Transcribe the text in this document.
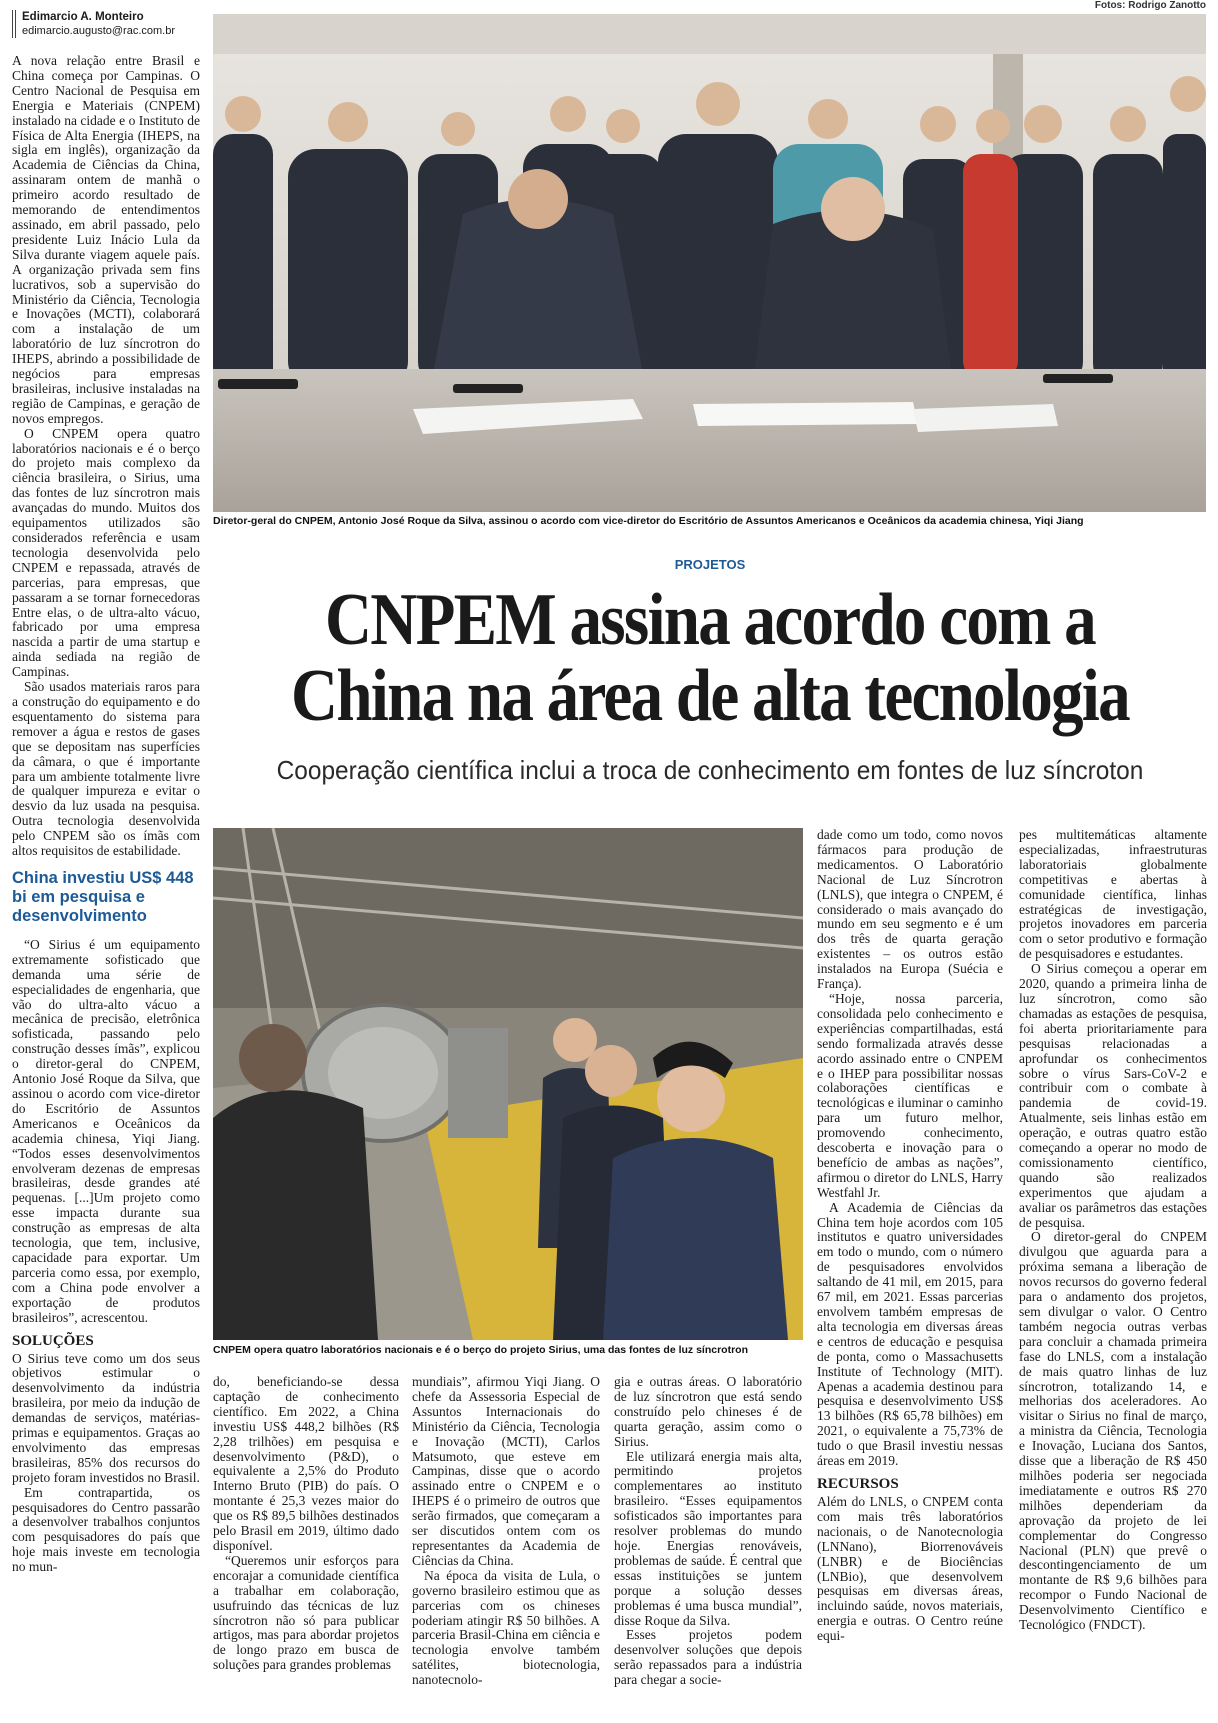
Edimarcio A. Monteiro
edimarcio.augusto@rac.com.br
Fotos: Rodrigo Zanotto

A nova relação entre Brasil e China começa por Campinas. O Centro Nacional de Pesquisa em Energia e Materiais (CNPEM) instalado na cidade e o Instituto de Física de Alta Energia (IHEPS, na sigla em inglês), organização da Academia de Ciências da China, assinaram ontem de manhã o primeiro acordo resultado de memorando de entendimentos assinado, em abril passado, pelo presidente Luiz Inácio Lula da Silva durante viagem aquele país. A organização privada sem fins lucrativos, sob a supervisão do Ministério da Ciência, Tecnologia e Inovações (MCTI), colaborará com a instalação de um laboratório de luz síncrotron do IHEPS, abrindo a possibilidade de negócios para empresas brasileiras, inclusive instaladas na região de Campinas, e geração de novos empregos.

O CNPEM opera quatro laboratórios nacionais e é o berço do projeto mais complexo da ciência brasileira, o Sirius, uma das fontes de luz síncrotron mais avançadas do mundo. Muitos dos equipamentos utilizados são considerados referência e usam tecnologia desenvolvida pelo CNPEM e repassada, através de parcerias, para empresas, que passaram a se tornar fornecedoras Entre elas, o de ultra-alto vácuo, fabricado por uma empresa nascida a partir de uma startup e ainda sediada na região de Campinas.

São usados materiais raros para a construção do equipamento e do esquentamento do sistema para remover a água e restos de gases que se depositam nas superfícies da câmara, o que é importante para um ambiente totalmente livre de qualquer impureza e evitar o desvio da luz usada na pesquisa. Outra tecnologia desenvolvida pelo CNPEM são os ímãs com altos requisitos de estabilidade.

China investiu US$ 448 bi em pesquisa e desenvolvimento

“O Sirius é um equipamento extremamente sofisticado que demanda uma série de especialidades de engenharia, que vão do ultra-alto vácuo a mecânica de precisão, eletrônica sofisticada, passando pelo construção desses ímãs”, explicou o diretor-geral do CNPEM, Antonio José Roque da Silva, que assinou o acordo com vice-diretor do Escritório de Assuntos Americanos e Oceânicos da academia chinesa, Yiqi Jiang. “Todos esses desenvolvimentos envolveram dezenas de empresas brasileiras, desde grandes até pequenas. [...]Um projeto como esse impacta durante sua construção as empresas de alta tecnologia, que tem, inclusive, capacidade para exportar. Um parceria como essa, por exemplo, com a China pode envolver a exportação de produtos brasileiros”, acrescentou.

SOLUÇÕES

O Sirius teve como um dos seus objetivos estimular o desenvolvimento da indústria brasileira, por meio da indução de demandas de serviços, matérias-primas e equipamentos. Graças ao envolvimento das empresas brasileiras, 85% dos recursos do projeto foram investidos no Brasil.

Em contrapartida, os pesquisadores do Centro passarão a desenvolver trabalhos conjuntos com pesquisadores do país que hoje mais investe em tecnologia no mun-

Diretor-geral do CNPEM, Antonio José Roque da Silva, assinou o acordo com vice-diretor do Escritório de Assuntos Americanos e Oceânicos da academia chinesa, Yiqi Jiang
PROJETOS
CNPEM assina acordo com a
China na área de alta tecnologia
Cooperação científica inclui a troca de conhecimento em fontes de luz síncroton
CNPEM opera quatro laboratórios nacionais e é o berço do projeto Sirius, uma das fontes de luz síncrotron

do, beneficiando-se dessa captação de conhecimento científico. Em 2022, a China investiu US$ 448,2 bilhões (R$ 2,28 trilhões) em pesquisa e desenvolvimento (P&D), o equivalente a 2,5% do Produto Interno Bruto (PIB) do país. O montante é 25,3 vezes maior do que os R$ 89,5 bilhões destinados pelo Brasil em 2019, último dado disponível.

“Queremos unir esforços para encorajar a comunidade científica a trabalhar em colaboração, usufruindo das técnicas de luz síncrotron não só para publicar artigos, mas para abordar projetos de longo prazo em busca de soluções para grandes problemas

mundiais”, afirmou Yiqi Jiang. O chefe da Assessoria Especial de Assuntos Internacionais do Ministério da Ciência, Tecnologia e Inovação (MCTI), Carlos Matsumoto, que esteve em Campinas, disse que o acordo assinado entre o CNPEM e o IHEPS é o primeiro de outros que serão firmados, que começaram a ser discutidos ontem com os representantes da Academia de Ciências da China.

Na época da visita de Lula, o governo brasileiro estimou que as parcerias com os chineses poderiam atingir R$ 50 bilhões. A parceria Brasil-China em ciência e tecnologia envolve também satélites, biotecnologia, nanotecnolo-

gia e outras áreas. O laboratório de luz síncrotron que está sendo construído pelo chineses é de quarta geração, assim como o Sirius.

Ele utilizará energia mais alta, permitindo projetos complementares ao instituto brasileiro. “Esses equipamentos sofisticados são importantes para resolver problemas do mundo hoje. Energias renováveis, problemas de saúde. É central que essas instituições se juntem porque a solução desses problemas é uma busca mundial”, disse Roque da Silva.

Esses projetos podem desenvolver soluções que depois serão repassados para a indústria para chegar a socie-

dade como um todo, como novos fármacos para produção de medicamentos. O Laboratório Nacional de Luz Síncrotron (LNLS), que integra o CNPEM, é considerado o mais avançado do mundo em seu segmento e é um dos três de quarta geração existentes – os outros estão instalados na Europa (Suécia e França).

“Hoje, nossa parceria, consolidada pelo conhecimento e experiências compartilhadas, está sendo formalizada através desse acordo assinado entre o CNPEM e o IHEP para possibilitar nossas colaborações científicas e tecnológicas e iluminar o caminho para um futuro melhor, promovendo conhecimento, descoberta e inovação para o benefício de ambas as nações”, afirmou o diretor do LNLS, Harry Westfahl Jr.

A Academia de Ciências da China tem hoje acordos com 105 institutos e quatro universidades em todo o mundo, com o número de pesquisadores envolvidos saltando de 41 mil, em 2015, para 67 mil, em 2021. Essas parcerias envolvem também empresas de alta tecnologia em diversas áreas e centros de educação e pesquisa de ponta, como o Massachusetts Institute of Technology (MIT). Apenas a academia destinou para pesquisa e desenvolvimento US$ 13 bilhões (R$ 65,78 bilhões) em 2021, o equivalente a 75,73% de tudo o que Brasil investiu nessas áreas em 2019.

RECURSOS

Além do LNLS, o CNPEM conta com mais três laboratórios nacionais, o de Nanotecnologia (LNNano), Biorrenováveis (LNBR) e de Biociências (LNBio), que desenvolvem pesquisas em diversas áreas, incluindo saúde, novos materiais, energia e outras. O Centro reúne equi-

pes multitemáticas altamente especializadas, infraestruturas laboratoriais globalmente competitivas e abertas à comunidade científica, linhas estratégicas de investigação, projetos inovadores em parceria com o setor produtivo e formação de pesquisadores e estudantes.

O Sirius começou a operar em 2020, quando a primeira linha de luz síncrotron, como são chamadas as estações de pesquisa, foi aberta prioritariamente para pesquisas relacionadas a aprofundar os conhecimentos sobre o vírus Sars-CoV-2 e contribuir com o combate à pandemia de covid-19. Atualmente, seis linhas estão em operação, e outras quatro estão começando a operar no modo de comissionamento científico, quando são realizados experimentos que ajudam a avaliar os parâmetros das estações de pesquisa.

O diretor-geral do CNPEM divulgou que aguarda para a próxima semana a liberação de novos recursos do governo federal para o andamento dos projetos, sem divulgar o valor. O Centro também negocia outras verbas para concluir a chamada primeira fase do LNLS, com a instalação de mais quatro linhas de luz síncrotron, totalizando 14, e melhorias dos aceleradores. Ao visitar o Sirius no final de março, a ministra da Ciência, Tecnologia e Inovação, Luciana dos Santos, disse que a liberação de R$ 450 milhões poderia ser negociada imediatamente e outros R$ 270 milhões dependeriam da aprovação da projeto de lei complementar do Congresso Nacional (PLN) que prevê o descontingenciamento de um montante de R$ 9,6 bilhões para recompor o Fundo Nacional de Desenvolvimento Científico e Tecnológico (FNDCT).
